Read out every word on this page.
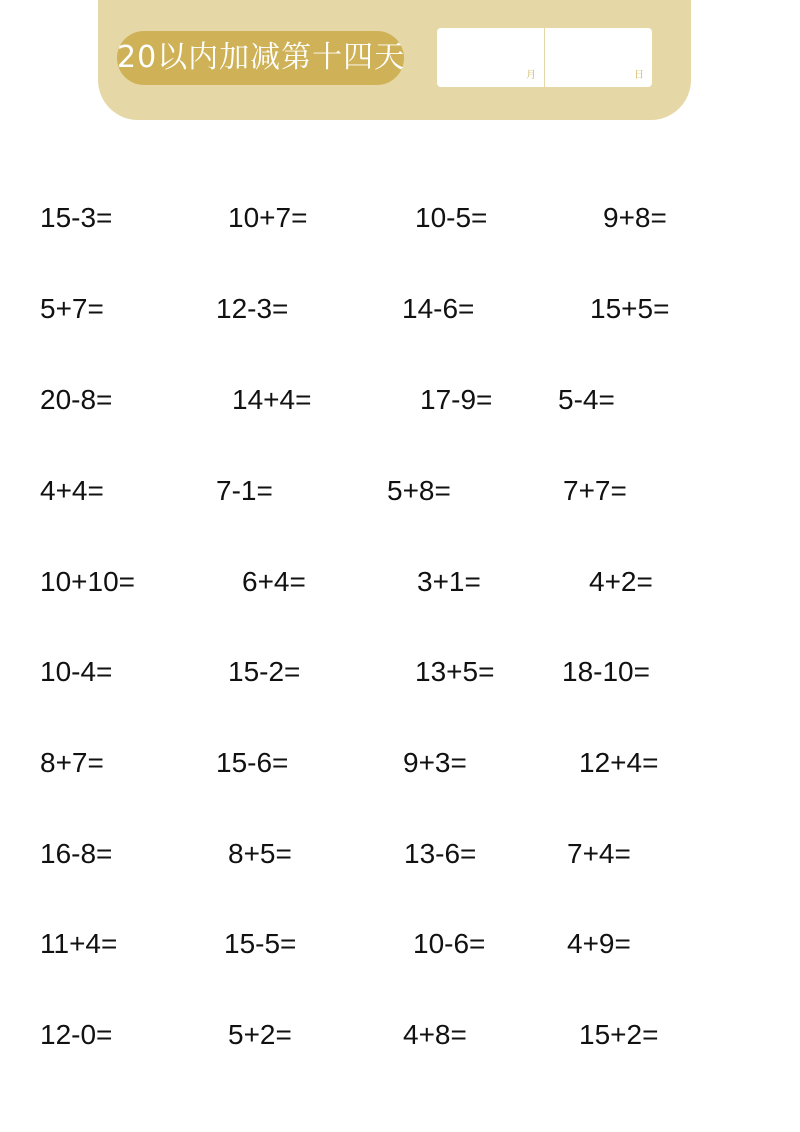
20以内加减第十四天
月	日
15-3=	10+7=	10-5=	9+8=
5+7=	12-3=	14-6=	15+5=
20-8=	14+4=	17-9= 5-4=
4+4=	7-1=	5+8=	7+7=
10+10=	6+4=	3+1=	4+2=
10-4=	15-2=	13+5= 18-10=
8+7=	15-6=	9+3=	12+4=
16-8=	8+5=	13-6=	7+4=
11+4=	15-5=	10-6=	4+9=
12-0=	5+2=	4+8=	15+2=
